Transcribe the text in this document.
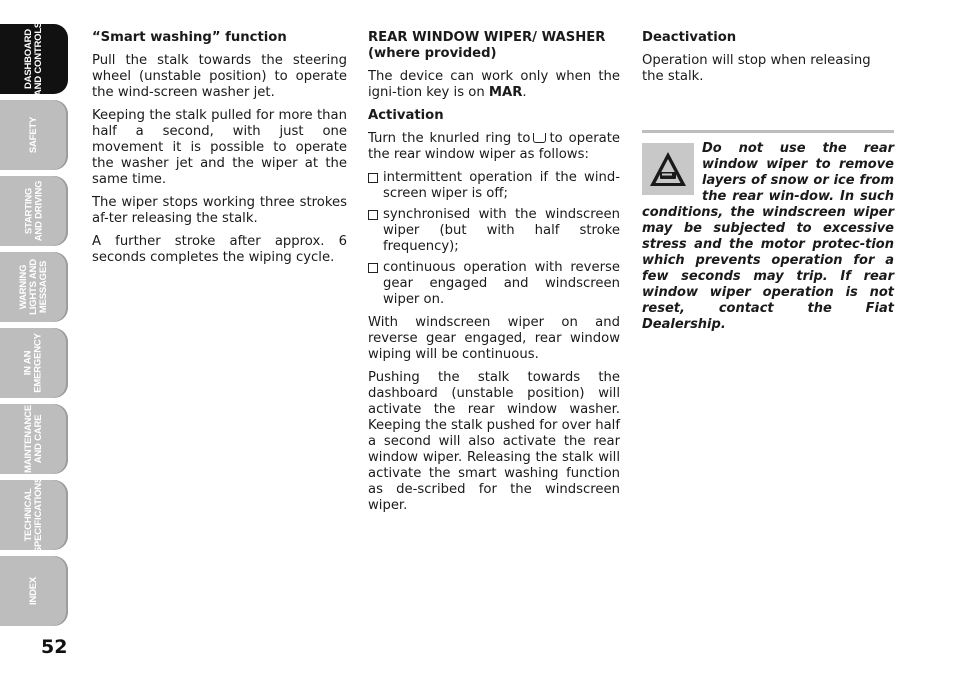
DASHBOARD
AND CONTROLS
SAFETY
STARTING
AND DRIVING
WARNING
LIGHTS AND
MESSAGES
IN AN
EMERGENCY
MAINTENANCE
AND CARE
TECHNICAL
SPECIFICATIONS
INDEX
52

“Smart washing” function

Pull the stalk towards the steering wheel (unstable position) to operate the wind-screen washer jet.

Keeping the stalk pulled for more than half a second, with just one movement it is possible to operate the washer jet and the wiper at the same time.

The wiper stops working three strokes af-ter releasing the stalk.

A further stroke after approx. 6 seconds completes the wiping cycle.

REAR WINDOW WIPER/ WASHER (where provided)

The device can work only when the igni-tion key is on MAR.

Activation

Turn the knurled ring to to operate the rear window wiper as follows:

intermittent operation if the wind-screen wiper is off;
synchronised with the windscreen wiper (but with half stroke frequency);
continuous operation with reverse gear engaged and windscreen wiper on.

With windscreen wiper on and reverse gear engaged, rear window wiping will be continuous.

Pushing the stalk towards the dashboard (unstable position) will activate the rear window washer. Keeping the stalk pushed for over half a second will also activate the rear window wiper. Releasing the stalk will activate the smart washing function as de-scribed for the windscreen wiper.

Deactivation

Operation will stop when releasing the stalk.

Do not use the rear window wiper to remove layers of snow or ice from the rear win-dow. In such conditions, the windscreen wiper may be subjected to excessive stress and the motor protec-tion which prevents operation for a few seconds may trip. If rear window wiper operation is not reset, contact the Fiat Dealership.
